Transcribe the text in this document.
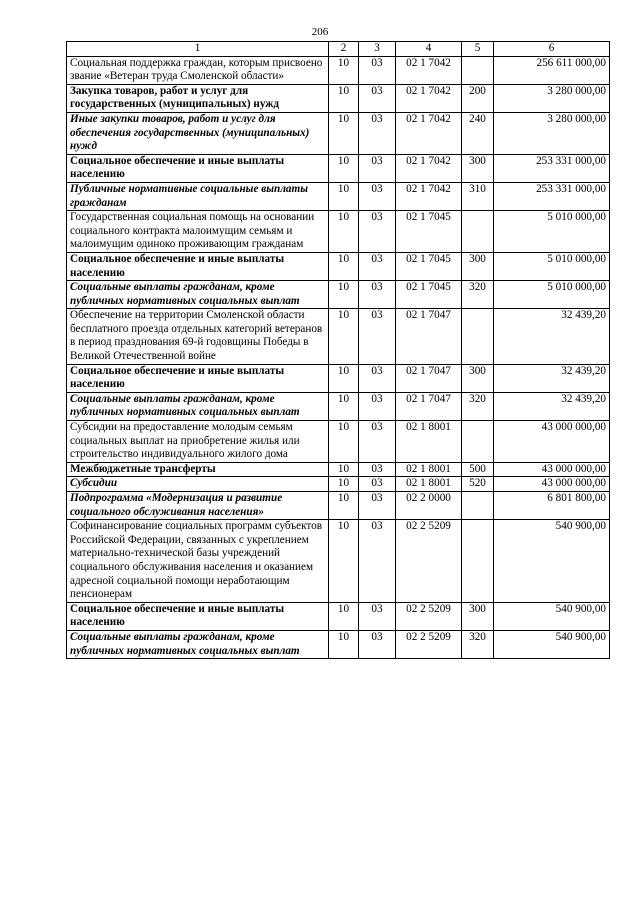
206
1	2	3	4	5	6
Социальная поддержка граждан, которым присвоено звание «Ветеран труда Смоленской области»	10	03	02 1 7042		256 611 000,00
Закупка товаров, работ и услуг для государственных (муниципальных) нужд	10	03	02 1 7042	200	3 280 000,00
Иные закупки товаров, работ и услуг для обеспечения государственных (муниципальных) нужд	10	03	02 1 7042	240	3 280 000,00
Социальное обеспечение и иные выплаты населению	10	03	02 1 7042	300	253 331 000,00
Публичные нормативные социальные выплаты гражданам	10	03	02 1 7042	310	253 331 000,00
Государственная социальная помощь на основании социального контракта малоимущим семьям и малоимущим одиноко проживающим гражданам	10	03	02 1 7045		5 010 000,00
Социальное обеспечение и иные выплаты населению	10	03	02 1 7045	300	5 010 000,00
Социальные выплаты гражданам, кроме публичных нормативных социальных выплат	10	03	02 1 7045	320	5 010 000,00
Обеспечение на территории Смоленской области бесплатного проезда отдельных категорий ветеранов в период празднования 69-й годовщины Победы в Великой Отечественной войне	10	03	02 1 7047		32 439,20
Социальное обеспечение и иные выплаты населению	10	03	02 1 7047	300	32 439,20
Социальные выплаты гражданам, кроме публичных нормативных социальных выплат	10	03	02 1 7047	320	32 439,20
Субсидии на предоставление молодым семьям социальных выплат на приобретение жилья или строительство индивидуального жилого дома	10	03	02 1 8001		43 000 000,00
Межбюджетные трансферты	10	03	02 1 8001	500	43 000 000,00
Субсидии	10	03	02 1 8001	520	43 000 000,00
Подпрограмма «Модернизация и развитие социального обслуживания населения»	10	03	02 2 0000		6 801 800,00
Софинансирование социальных программ субъектов Российской Федерации, связанных с укреплением материально-технической базы учреждений социального обслуживания населения и оказанием адресной социальной помощи неработающим пенсионерам	10	03	02 2 5209		540 900,00
Социальное обеспечение и иные выплаты населению	10	03	02 2 5209	300	540 900,00
Социальные выплаты гражданам, кроме публичных нормативных социальных выплат	10	03	02 2 5209	320	540 900,00
